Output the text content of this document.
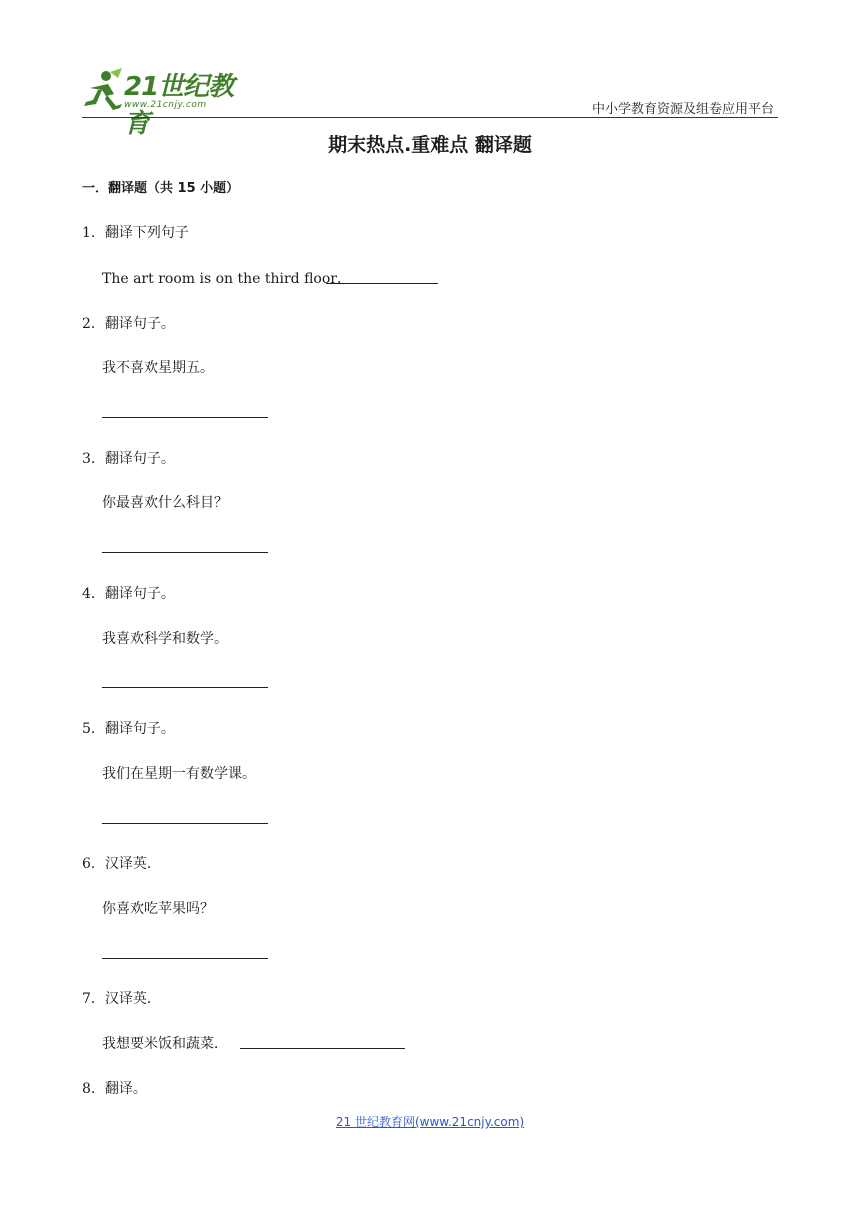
21世纪教育
www.21cnjy.com	中小学教育资源及组卷应用平台
期末热点.重难点 翻译题
一．翻译题（共 15 小题）
1．翻译下列句子
The art room is on the third floor．
2．翻译句子。
我不喜欢星期五。
3．翻译句子。
你最喜欢什么科目？
4．翻译句子。
我喜欢科学和数学。
5．翻译句子。
我们在星期一有数学课。
6．汉译英．
你喜欢吃苹果吗？
7．汉译英．
我想要米饭和蔬菜．
8．翻译。
21 世纪教育网(www.21cnjy.com)
